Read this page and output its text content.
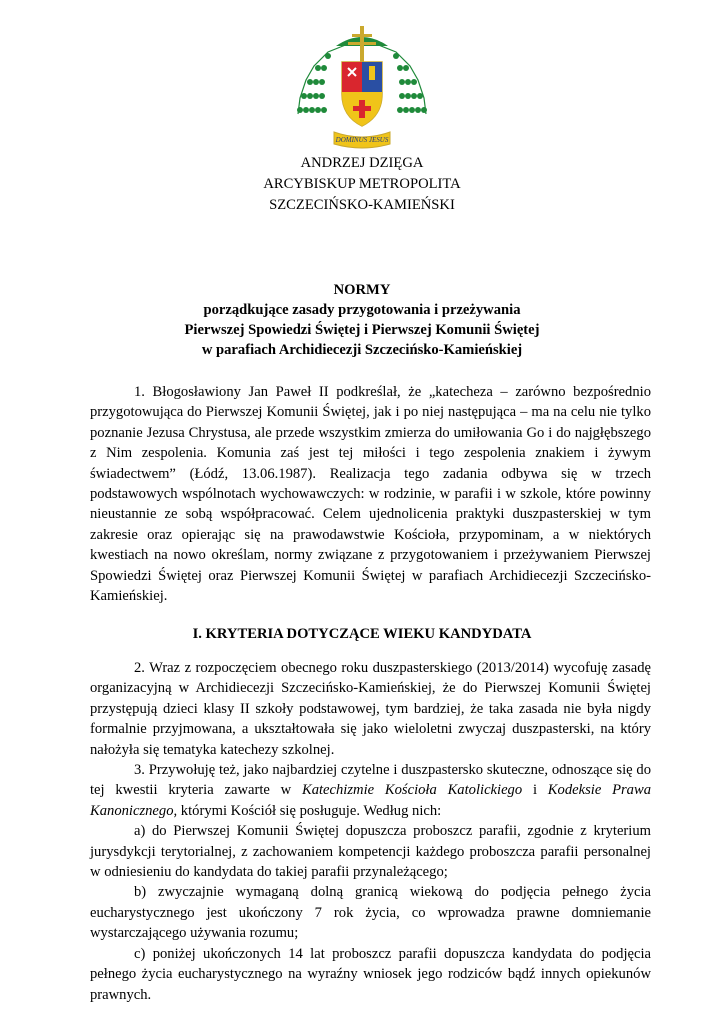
DOMINUS JESUS
ANDRZEJ DZIĘGA
ARCYBISKUP METROPOLITA
SZCZECIŃSKO-KAMIEŃSKI
NORMY
porządkujące zasady przygotowania i przeżywania
Pierwszej Spowiedzi Świętej i Pierwszej Komunii Świętej
w parafiach Archidiecezji Szczecińsko-Kamieńskiej

1. Błogosławiony Jan Paweł II podkreślał, że „katecheza – zarówno bezpośrednio przygotowująca do Pierwszej Komunii Świętej, jak i po niej następująca – ma na celu nie tylko poznanie Jezusa Chrystusa, ale przede wszystkim zmierza do umiłowania Go i do najgłębszego z Nim zespolenia. Komunia zaś jest tej miłości i tego zespolenia znakiem i żywym świadectwem” (Łódź, 13.06.1987). Realizacja tego zadania odbywa się w trzech podstawowych wspólnotach wychowawczych: w rodzinie, w parafii i w szkole, które powinny nieustannie ze sobą współpracować. Celem ujednolicenia praktyki duszpasterskiej w tym zakresie oraz opierając się na prawodawstwie Kościoła, przypominam, a w niektórych kwestiach na nowo określam, normy związane z przygotowaniem i przeżywaniem Pierwszej Spowiedzi Świętej oraz Pierwszej Komunii Świętej w parafiach Archidiecezji Szczecińsko-Kamieńskiej.

I. KRYTERIA DOTYCZĄCE WIEKU KANDYDATA

2. Wraz z rozpoczęciem obecnego roku duszpasterskiego (2013/2014) wycofuję zasadę organizacyjną w Archidiecezji Szczecińsko-Kamieńskiej, że do Pierwszej Komunii Świętej przystępują dzieci klasy II szkoły podstawowej, tym bardziej, że taka zasada nie była nigdy formalnie przyjmowana, a ukształtowała się jako wieloletni zwyczaj duszpasterski, na który nałożyła się tematyka katechezy szkolnej.

3. Przywołuję też, jako najbardziej czytelne i duszpastersko skuteczne, odnoszące się do tej kwestii kryteria zawarte w Katechizmie Kościoła Katolickiego i Kodeksie Prawa Kanonicznego, którymi Kościół się posługuje. Według nich:

a) do Pierwszej Komunii Świętej dopuszcza proboszcz parafii, zgodnie z kryterium jurysdykcji terytorialnej, z zachowaniem kompetencji każdego proboszcza parafii personalnej w odniesieniu do kandydata do takiej parafii przynależącego;

b) zwyczajnie wymaganą dolną granicą wiekową do podjęcia pełnego życia eucharystycznego jest ukończony 7 rok życia, co wprowadza prawne domniemanie wystarczającego używania rozumu;

c) poniżej ukończonych 14 lat proboszcz parafii dopuszcza kandydata do podjęcia pełnego życia eucharystycznego na wyraźny wniosek jego rodziców bądź innych opiekunów prawnych.
